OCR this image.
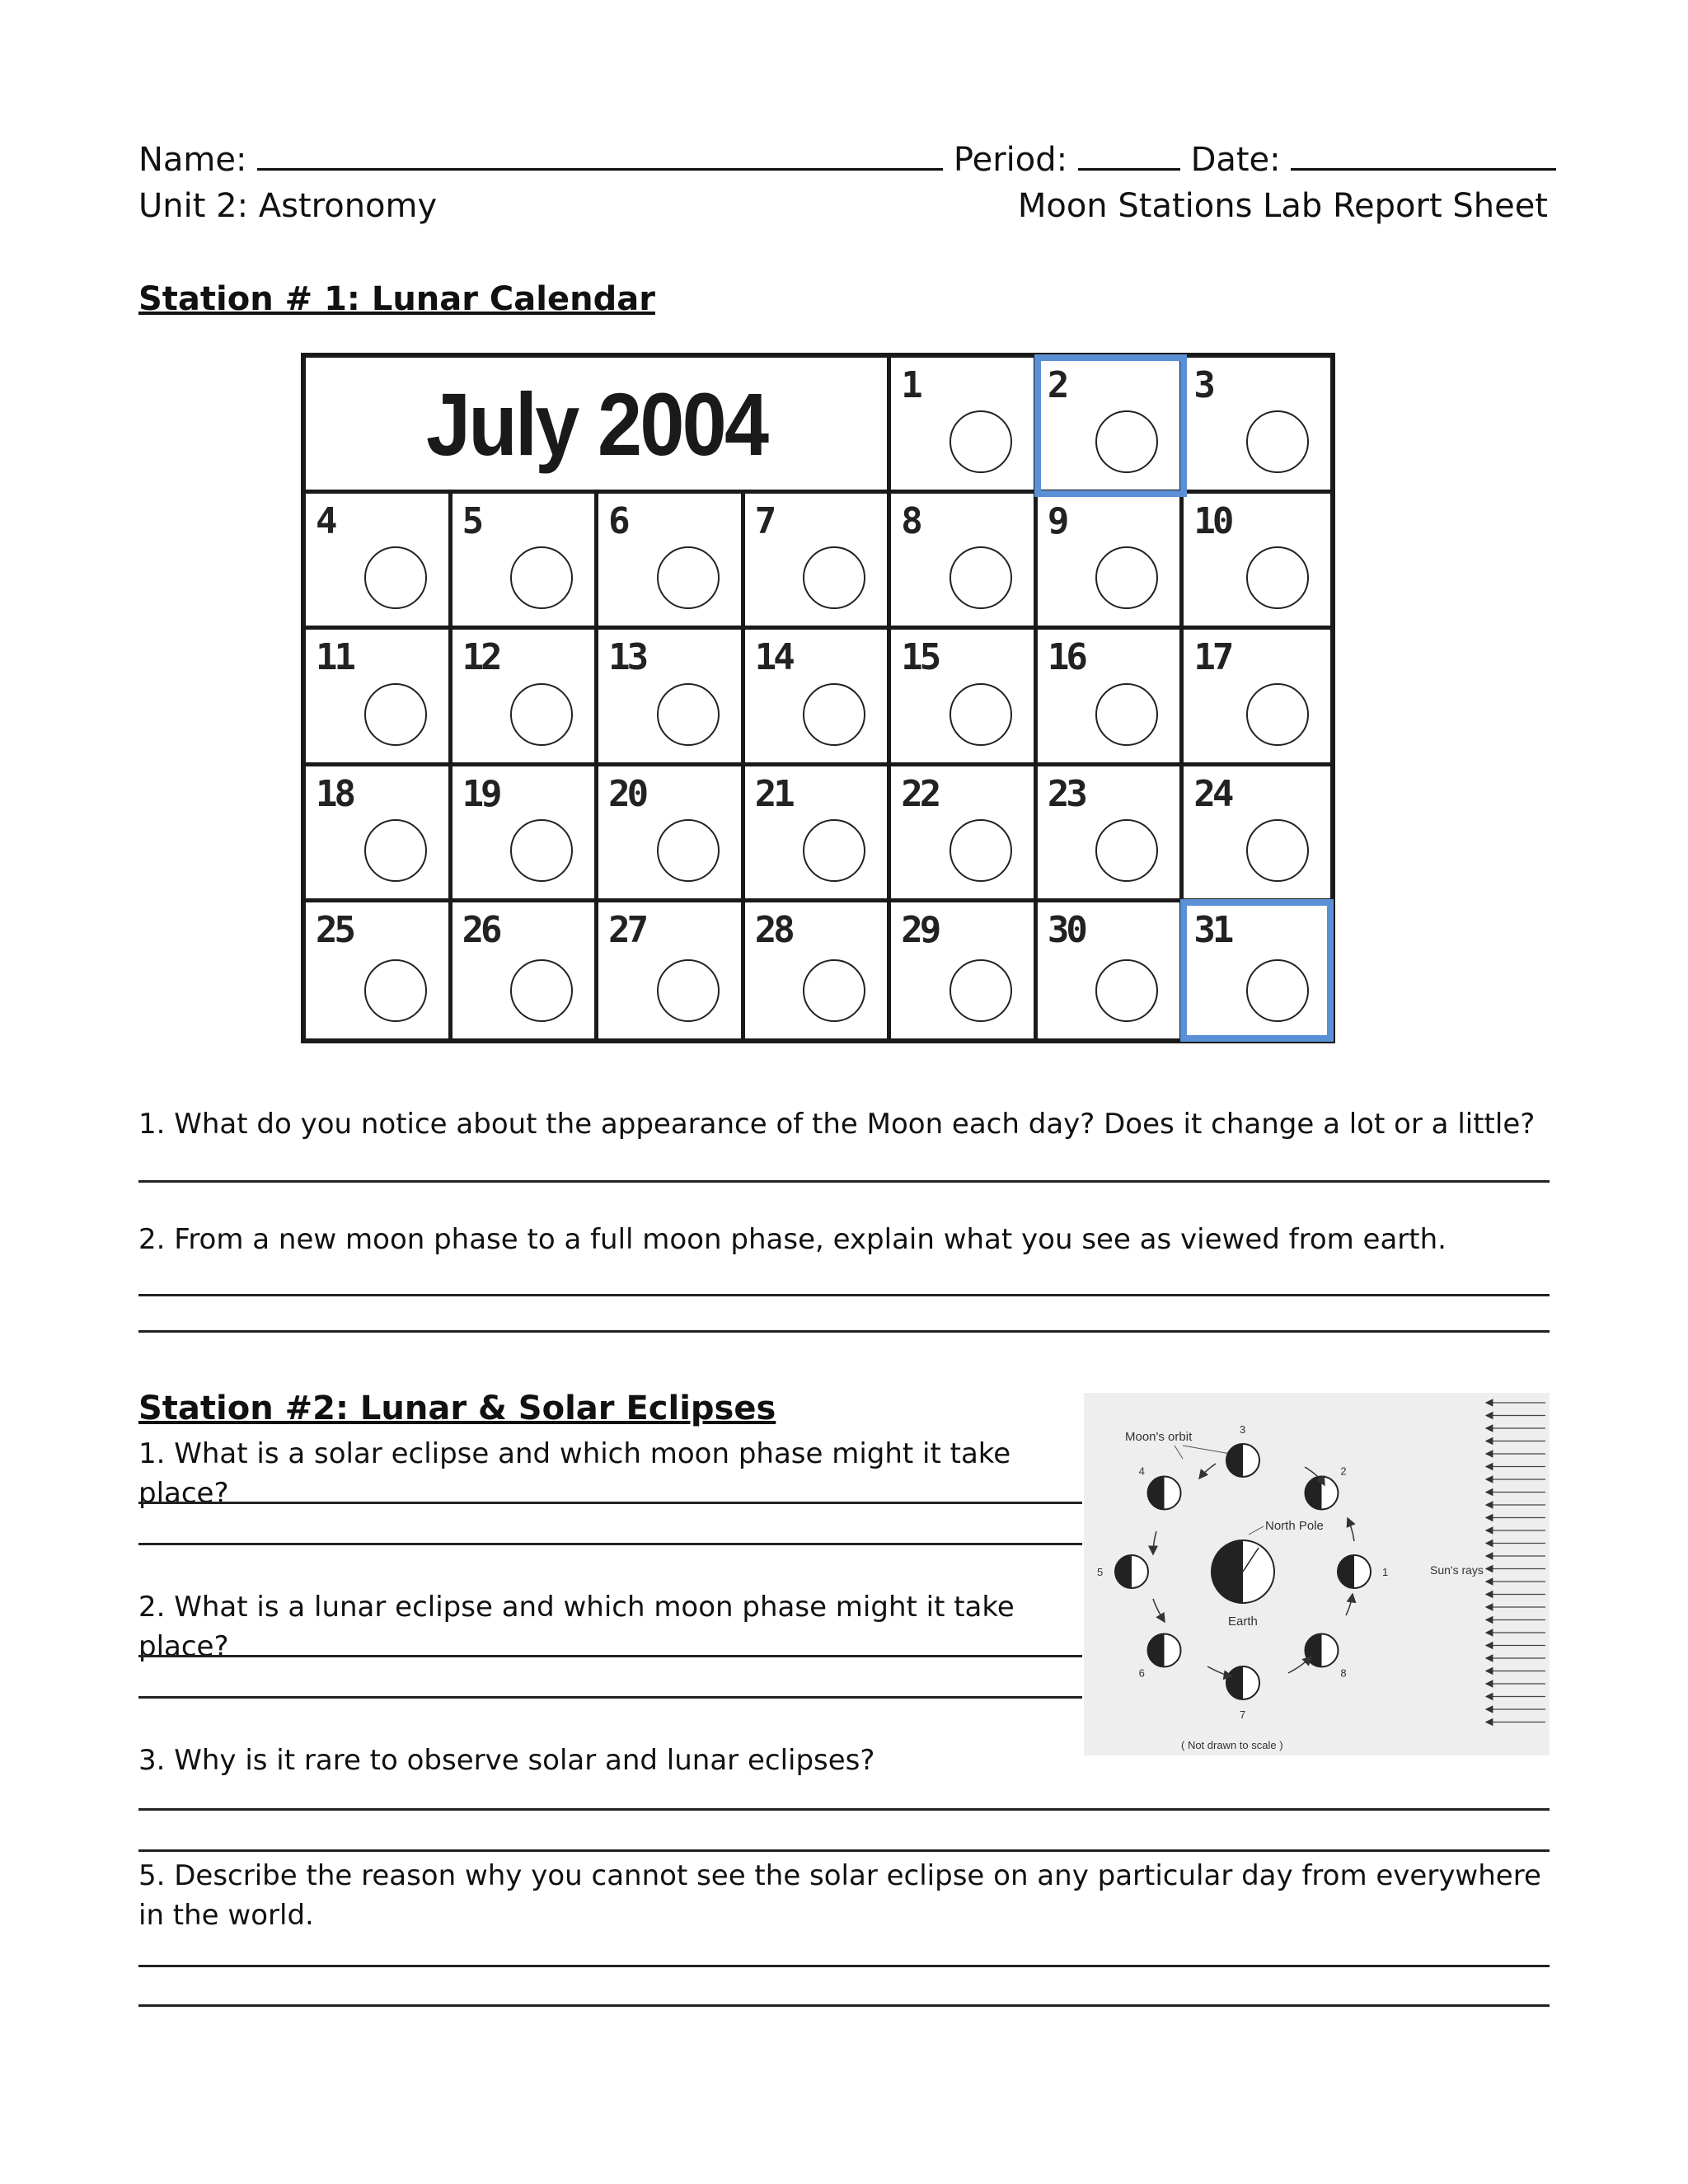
Name:	Period:	Date:
Unit 2: Astronomy	Moon Stations Lab Report Sheet
Station # 1: Lunar Calendar
July 2004	1	2	3
4	5	6	7	8	9	10
11	12	13	14	15	16	17
18	19	20	21	22	23	24
25	26	27	28	29	30	31
1. What do you notice about the appearance of the Moon each day? Does it change a lot or a little?
2. From a new moon phase to a full moon phase, explain what you see as viewed from earth.
Station #2: Lunar & Solar Eclipses
1. What is a solar eclipse and which moon phase might it take place?
2. What is a lunar eclipse and which moon phase might it take place?
3. Why is it rare to observe solar and lunar eclipses?
5. Describe the reason why you cannot see the solar eclipse on any particular day from everywhere in the world.
North Pole
Earth
Moon's orbit
Sun's rays
( Not drawn to scale )
1
2
3
4
5
6
7
8
